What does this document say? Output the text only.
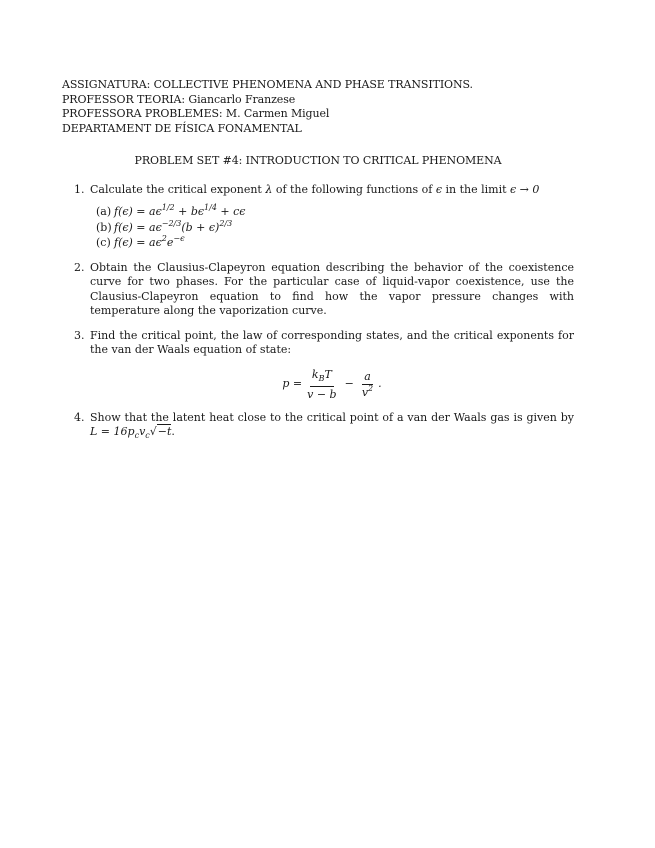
ASSIGNATURA: COLLECTIVE PHENOMENA AND PHASE TRANSITIONS.
PROFESSOR TEORIA: Giancarlo Franzese
PROFESSORA PROBLEMES: M. Carmen Miguel
DEPARTAMENT DE FÍSICA FONAMENTAL
PROBLEM SET #4: INTRODUCTION TO CRITICAL PHENOMENA
1. Calculate the critical exponent λ of the following functions of ϵ in the limit ϵ → 0
(a) $f(\epsilon) = a\epsilon^{1/2} + b\epsilon^{1/4} + c\epsilon$
(b) $f(\epsilon) = a\epsilon^{-2/3}(b + \epsilon)^{2/3}$
(c) $f(\epsilon) = a\epsilon^2e^{-\epsilon}$
2. Obtain the Clausius-Clapeyron equation describing the behavior of the coexistence curve for two phases. For the particular case of liquid-vapor coexistence, use the Clausius-Clapeyron equation to find how the vapor pressure changes with temperature along the vaporization curve.
3. Find the critical point, the law of corresponding states, and the critical exponents for the van der Waals equation of state:
$p = \frac{k_BT}{v - b} - \frac{a}{v^2}$ .
4. Show that the latent heat close to the critical point of a van der Waals gas is given by $L = 16p_cv_c√-t$.
